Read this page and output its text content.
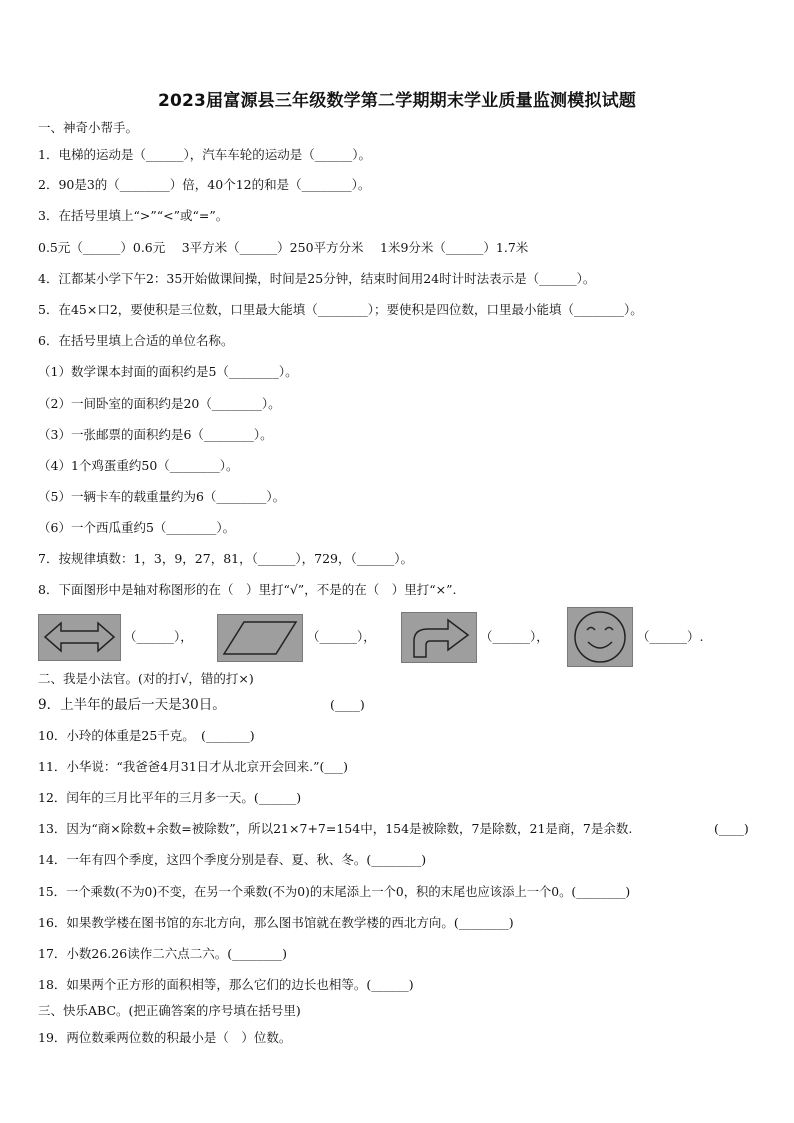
2023届富源县三年级数学第二学期期末学业质量监测模拟试题
一、神奇小帮手。
1．电梯的运动是（______），汽车车轮的运动是（______）。
2．90是3的（________）倍，40个12的和是（________）。
3．在括号里填上“>”“<”或“=”。
0.5元（______）0.6元　 3平方米（______）250平方分米　 1米9分米（______）1.7米
4．江都某小学下午2：35开始做课间操，时间是25分钟，结束时间用24时计时法表示是（______）。
5．在45×口2，要使积是三位数，口里最大能填（________）；要使积是四位数，口里最小能填（________）。
6．在括号里填上合适的单位名称。
（1）数学课本封面的面积约是5（________）。
（2）一间卧室的面积约是20（________）。
（3）一张邮票的面积约是6（________）。
（4）1个鸡蛋重约50（________）。
（5）一辆卡车的载重量约为6（________）。
（6）一个西瓜重约5（________）。
7．按规律填数：1，3，9，27，81，（______），729，（______）。
8．下面图形中是轴对称图形的在（　）里打“√”，不是的在（　）里打“×”.
（______），	（______），	（______），	（______）.
二、我是小法官。(对的打√，错的打×)
9．上半年的最后一天是30日。	(____)
10．小玲的体重是25千克。　(_______)
11．小华说：“我爸爸4月31日才从北京开会回来.”(___)
12．闰年的三月比平年的三月多一天。(______)
13．因为“商×除数+余数=被除数”，所以21×7+7=154中，154是被除数，7是除数，21是商，7是余数.	(____)
14．一年有四个季度，这四个季度分别是春、夏、秋、冬。(________)
15．一个乘数(不为0)不变，在另一个乘数(不为0)的末尾添上一个0，积的末尾也应该添上一个0。(________)
16．如果教学楼在图书馆的东北方向，那么图书馆就在教学楼的西北方向。(________)
17．小数26.26读作二六点二六。(________)
18．如果两个正方形的面积相等，那么它们的边长也相等。(______)
三、快乐ABC。(把正确答案的序号填在括号里)
19．两位数乘两位数的积最小是（　）位数。
